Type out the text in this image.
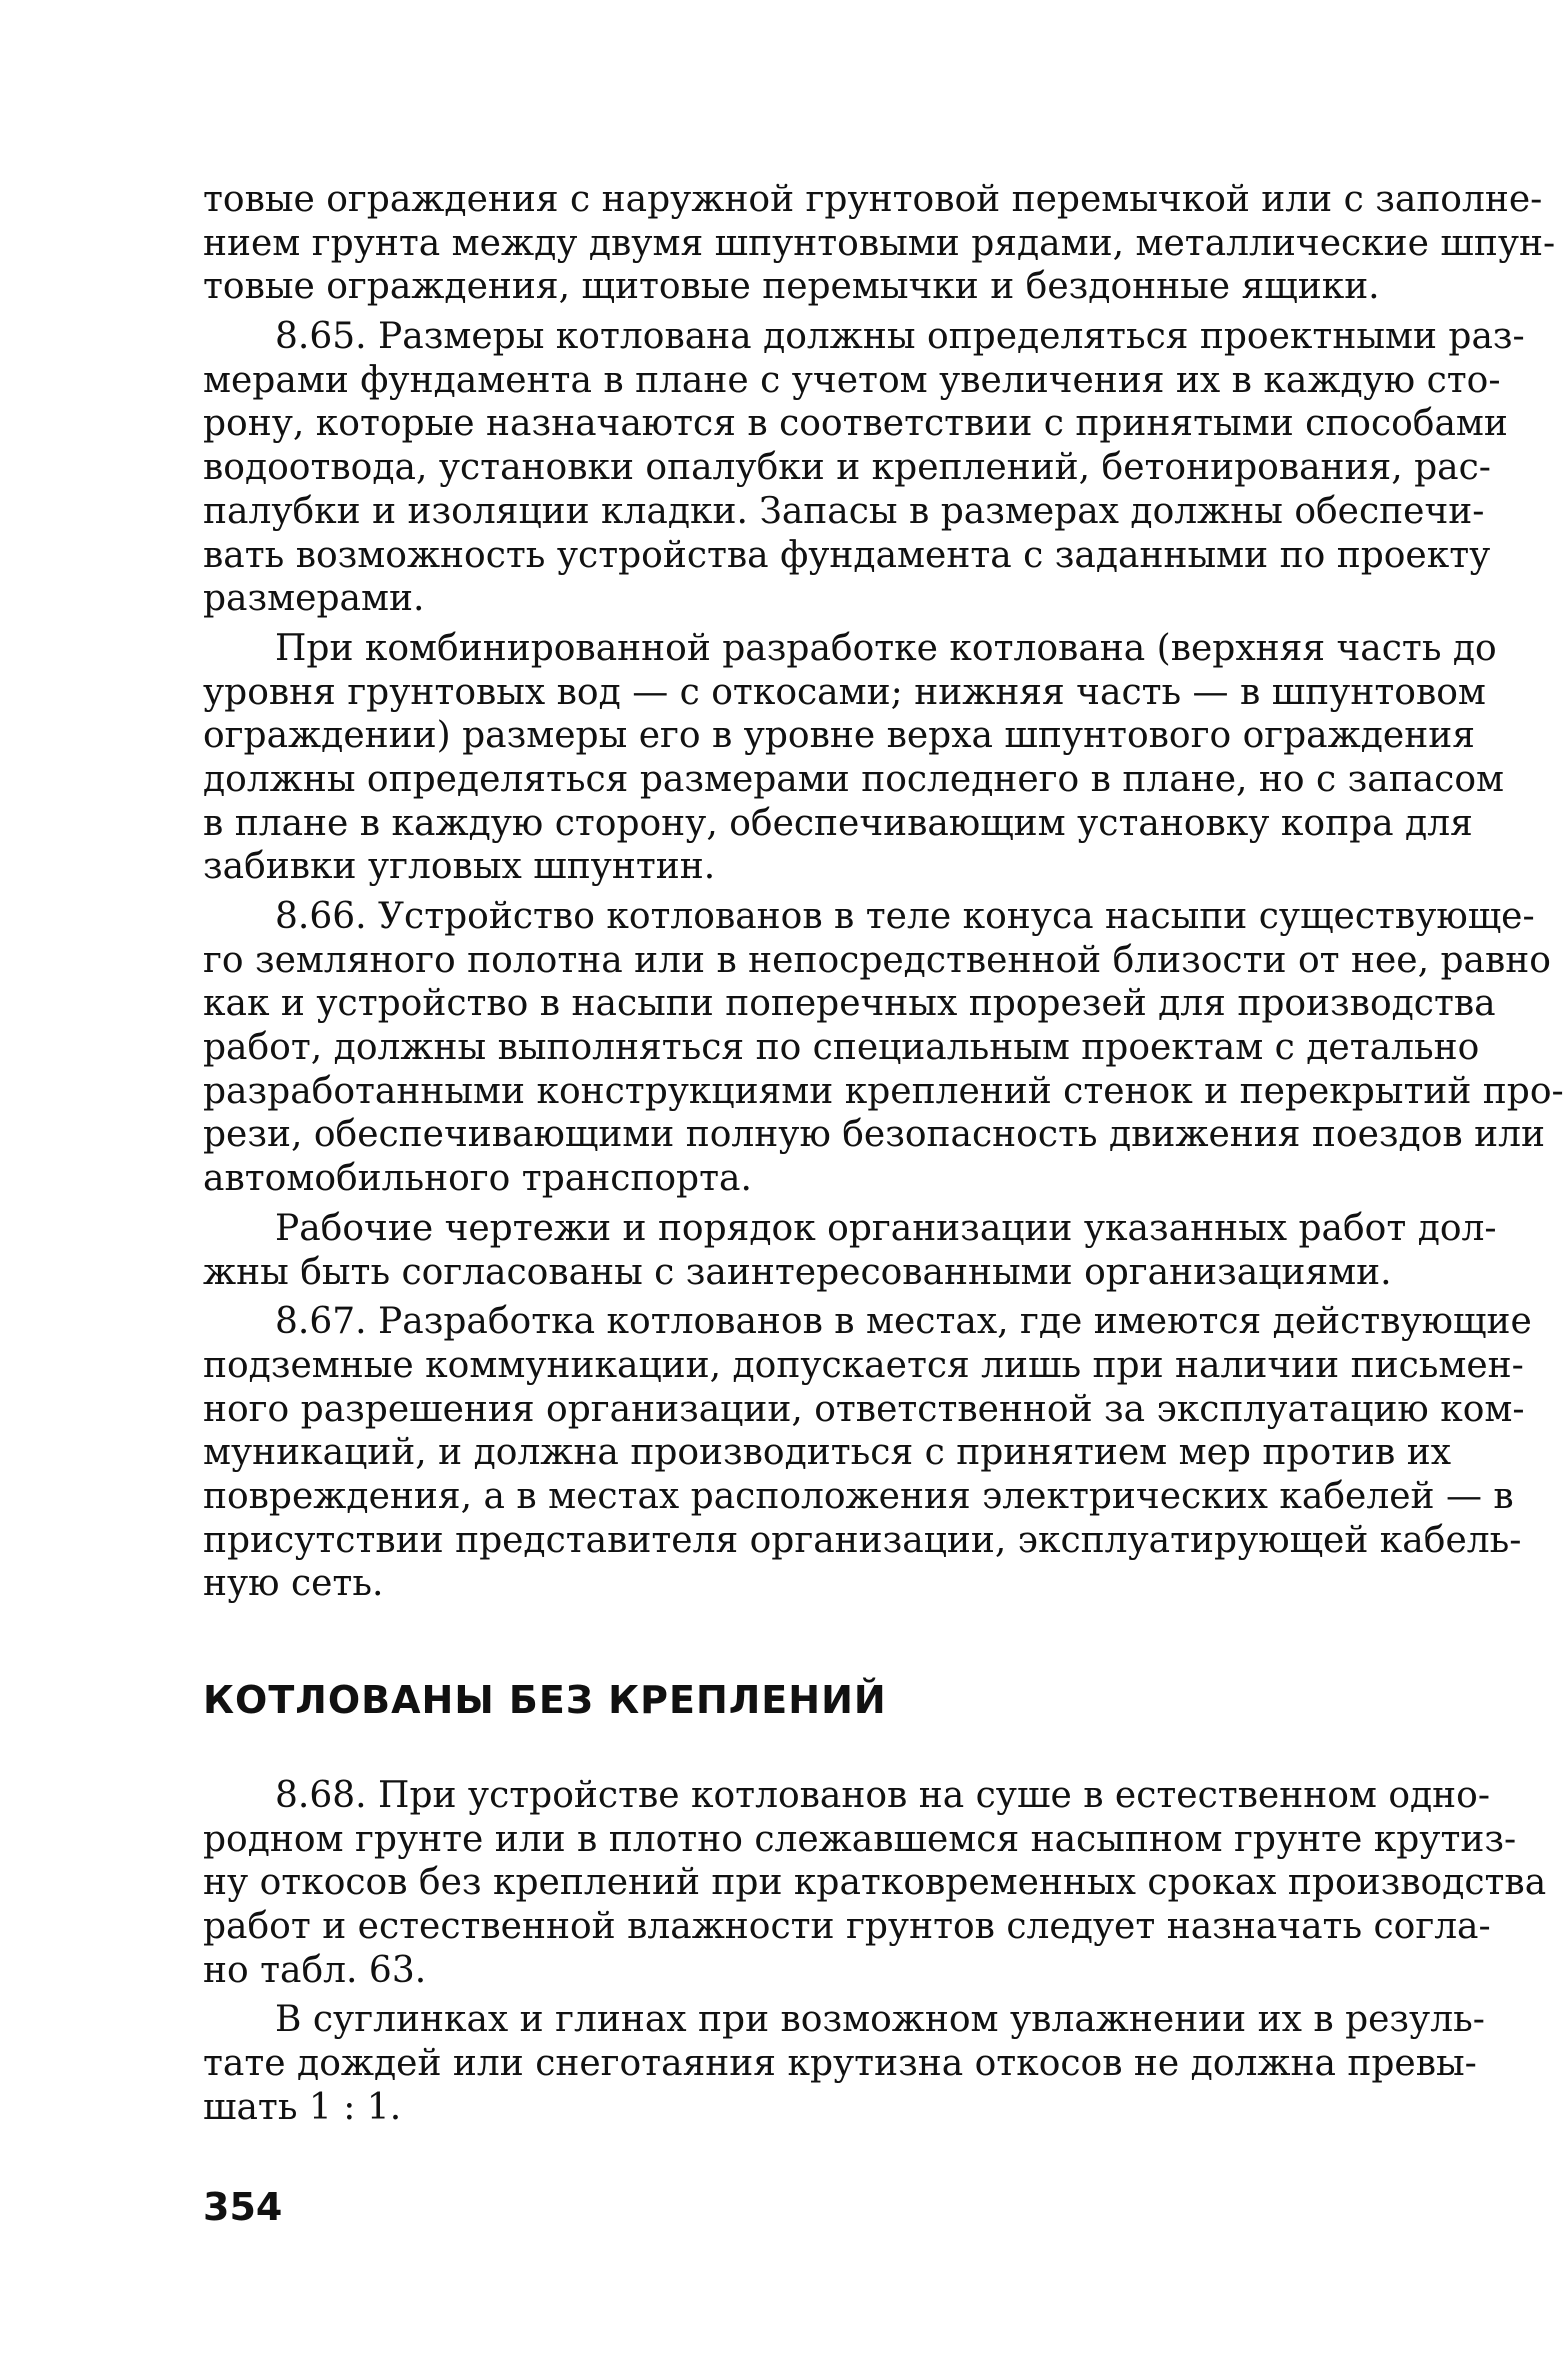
товые ограждения с наружной грунтовой перемычкой или с заполне-
нием грунта между двумя шпунтовыми рядами, металлические шпун-
товые ограждения, щитовые перемычки и бездонные ящики.
8.65. Размеры котлована должны определяться проектными раз-
мерами фундамента в плане с учетом увеличения их в каждую сто-
рону, которые назначаются в соответствии с принятыми способами
водоотвода, установки опалубки и креплений, бетонирования, рас-
палубки и изоляции кладки. Запасы в размерах должны обеспечи-
вать возможность устройства фундамента с заданными по проекту
размерами.
При комбинированной разработке котлована (верхняя часть до
уровня грунтовых вод — с откосами; нижняя часть — в шпунтовом
ограждении) размеры его в уровне верха шпунтового ограждения
должны определяться размерами последнего в плане, но с запасом
в плане в каждую сторону, обеспечивающим установку копра для
забивки угловых шпунтин.
8.66. Устройство котлованов в теле конуса насыпи существующе-
го земляного полотна или в непосредственной близости от нее, равно
как и устройство в насыпи поперечных прорезей для производства
работ, должны выполняться по специальным проектам с детально
разработанными конструкциями креплений стенок и перекрытий про-
рези, обеспечивающими полную безопасность движения поездов или
автомобильного транспорта.
Рабочие чертежи и порядок организации указанных работ дол-
жны быть согласованы с заинтересованными организациями.
8.67. Разработка котлованов в местах, где имеются действующие
подземные коммуникации, допускается лишь при наличии письмен-
ного разрешения организации, ответственной за эксплуатацию ком-
муникаций, и должна производиться с принятием мер против их
повреждения, а в местах расположения электрических кабелей — в
присутствии представителя организации, эксплуатирующей кабель-
ную сеть.
КОТЛОВАНЫ БЕЗ КРЕПЛЕНИЙ
8.68. При устройстве котлованов на суше в естественном одно-
родном грунте или в плотно слежавшемся насыпном грунте крутиз-
ну откосов без креплений при кратковременных сроках производства
работ и естественной влажности грунтов следует назначать согла-
но табл. 63.
В суглинках и глинах при возможном увлажнении их в резуль-
тате дождей или снеготаяния крутизна откосов не должна превы-
шать 1 : 1.
354
